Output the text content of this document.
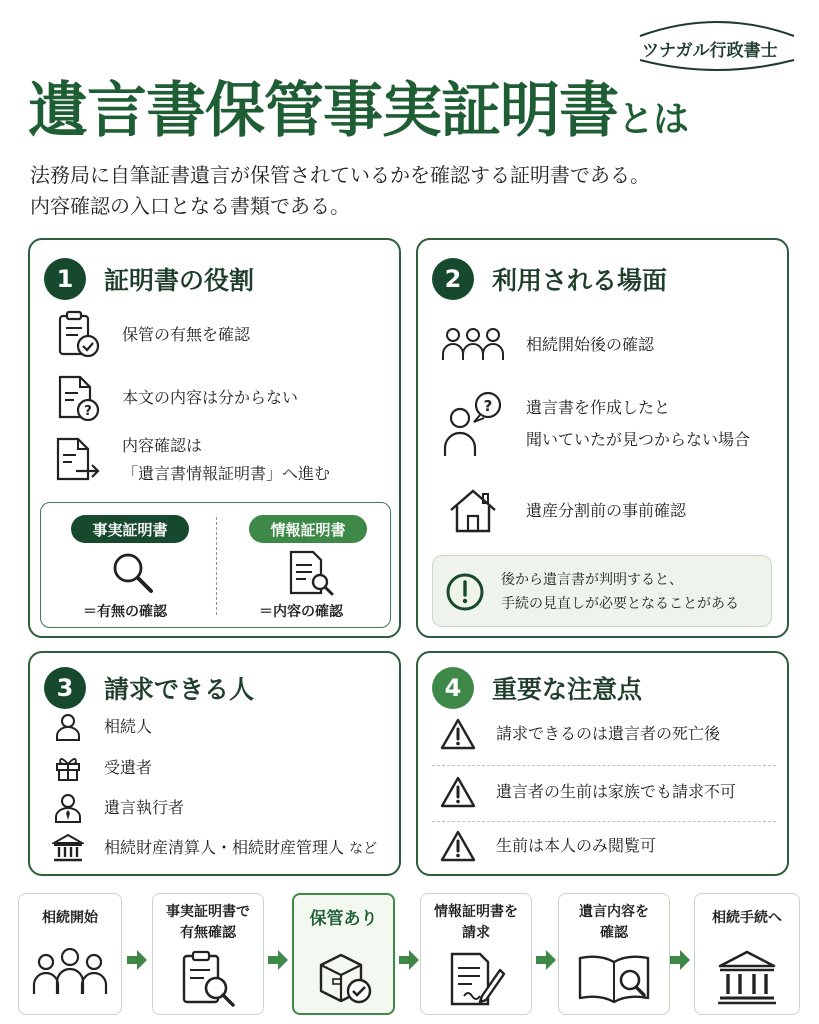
ツナガル行政書士
遺言書保管事実証明書とは
法務局に自筆証書遺言が保管されているかを確認する証明書である。
内容確認の入口となる書類である。
1	証明書の役割
保管の有無を確認
?
本文の内容は分からない
内容確認は
「遺言書情報証明書」へ進む
事実証明書	情報証明書
＝有無の確認	＝内容の確認
2	利用される場面
相続開始後の確認
? 遺言書を作成したと
聞いていたが見つからない場合
遺産分割前の事前確認
後から遺言書が判明すると、
手続の見直しが必要となることがある
3	請求できる人
相続人
受遺者
遺言執行者
相続財産清算人・相続財産管理人 など
4	重要な注意点
請求できるのは遺言者の死亡後
遺言者の生前は家族でも請求不可
生前は本人のみ閲覧可
相続開始	事実証明書で
有無確認
保管あり	情報証明書を
請求
遺言内容を
確認
相続手続へ
